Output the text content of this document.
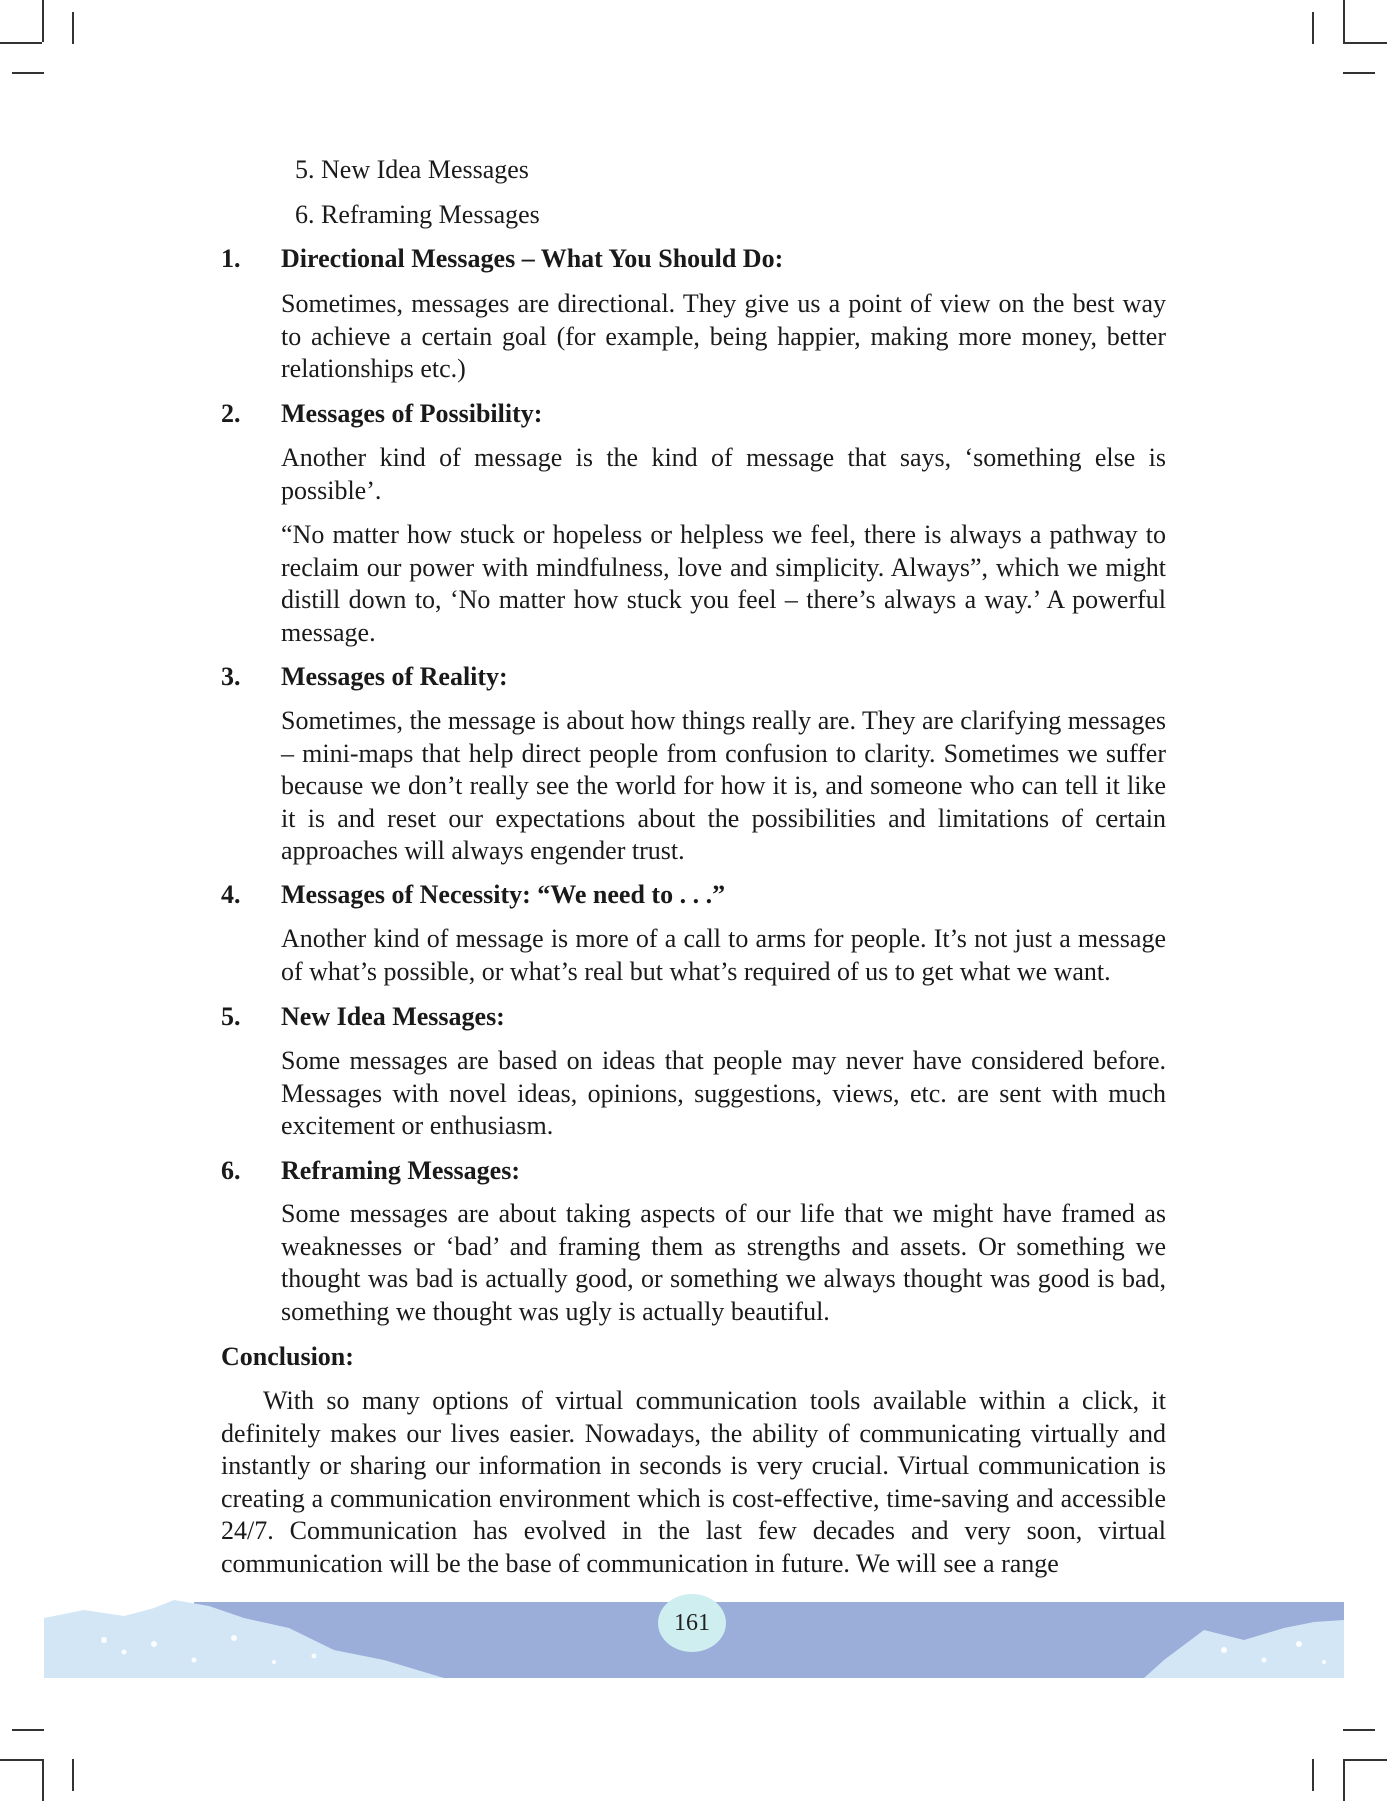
5. New Idea Messages
6. Reframing Messages
1. Directional Messages – What You Should Do:
Sometimes, messages are directional. They give us a point of view on the best way to achieve a certain goal (for example, being happier, making more money, better relationships etc.)
2. Messages of Possibility:
Another kind of message is the kind of message that says, ‘something else is possible’.
“No matter how stuck or hopeless or helpless we feel, there is always a pathway to reclaim our power with mindfulness, love and simplicity. Always”, which we might distill down to, ‘No matter how stuck you feel – there’s always a way.’ A powerful message.
3. Messages of Reality:
Sometimes, the message is about how things really are. They are clarifying messages – mini-maps that help direct people from confusion to clarity. Sometimes we suffer because we don’t really see the world for how it is, and someone who can tell it like it is and reset our expectations about the possibilities and limitations of certain approaches will always engender trust.
4. Messages of Necessity: “We need to . . .”
Another kind of message is more of a call to arms for people. It’s not just a message of what’s possible, or what’s real but what’s required of us to get what we want.
5. New Idea Messages:
Some messages are based on ideas that people may never have considered before. Messages with novel ideas, opinions, suggestions, views, etc. are sent with much excitement or enthusiasm.
6. Reframing Messages:
Some messages are about taking aspects of our life that we might have framed as weaknesses or ‘bad’ and framing them as strengths and assets. Or something we thought was bad is actually good, or something we always thought was good is bad, something we thought was ugly is actually beautiful.
Conclusion:
With so many options of virtual communication tools available within a click, it definitely makes our lives easier. Nowadays, the ability of communicating virtually and instantly or sharing our information in seconds is very crucial. Virtual communication is creating a communication environment which is cost-effective, time-saving and accessible 24/7. Communication has evolved in the last few decades and very soon, virtual communication will be the base of communication in future. We will see a range
161
